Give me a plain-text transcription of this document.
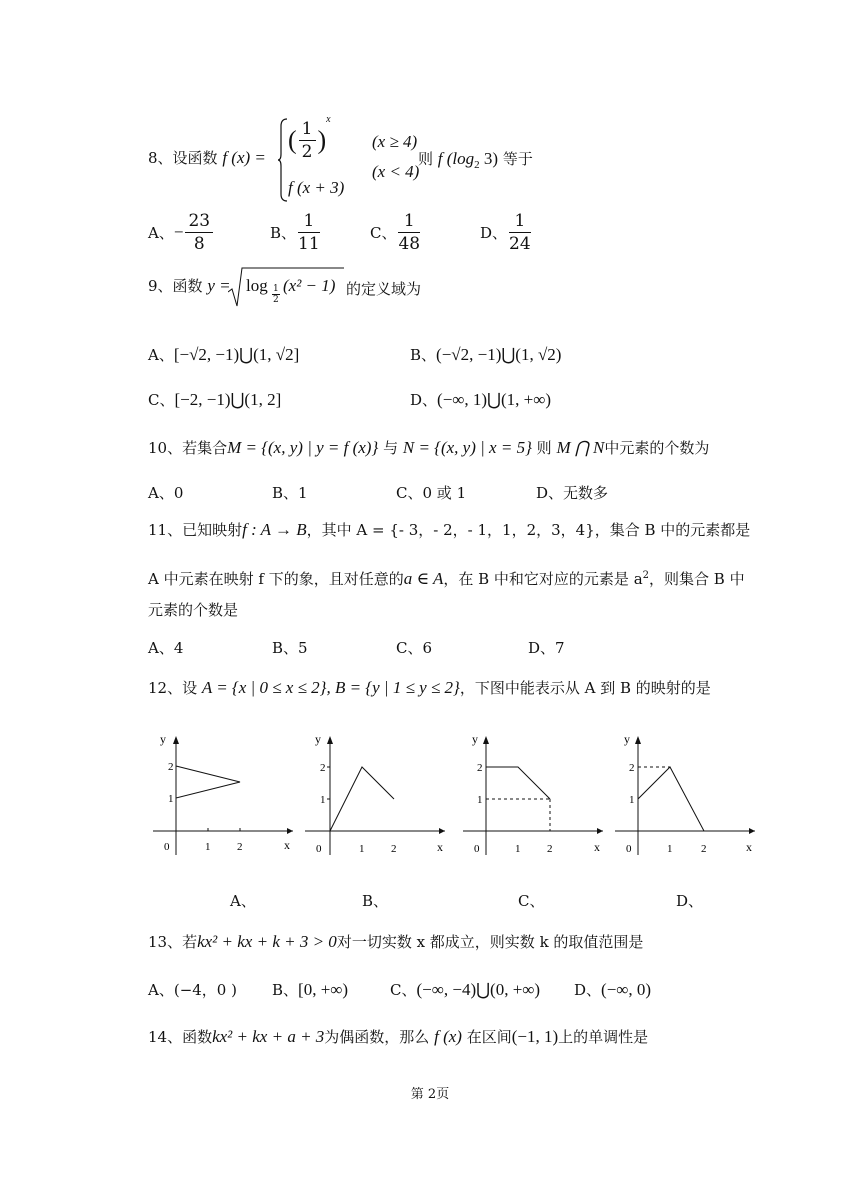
8、设函数 f (x) =
( $\frac{1}{2} )^x$
(x ≥ 4)
(x < 4)
f (x + 3)
则 f ($\log_2$ 3) 等于
A、− $\frac{23}{8}$	B、 $\frac{1}{11}$	C、 $\frac{1}{48}$	D、 $\frac{1}{24}$
9、函数 $y = \log \frac{1}{2} (x^2 - 1)$ 的定义域为
A、[−√2, −1)⋃(1, √2]	B、(−√2, −1)⋃(1, √2)
C、[−2, −1)⋃(1, 2]	D、(−∞, 1)⋃(1, +∞)
10、若集合M = {(x, y) | y = f (x)} 与 N = {(x, y) | x = 5} 则 M ⋂ N中元素的个数为
A、0	B、1	C、0 或 1	D、无数多
11、已知映射f : A → B，其中 A = {- 3，- 2，- 1，1，2，3，4}，集合 B 中的元素都是
A 中元素在映射 f 下的象，且对任意的a ∈ A，在 B 中和它对应的元素是 $a^2$，则集合 B 中
元素的个数是
A、4	B、5	C、6	D、7
12、设 A = {x | 0 ≤ x ≤ 2}, B = {y | 1 ≤ y ≤ 2}，下图中能表示从 A 到 B 的映射的是
y
2
1
0	1 2	x
y
2
1
0	1 2	x
y
2
1
0	1 2	x
y
2
1
0	1	2	x
A、	B、	C、	D、
13、若kx² + kx + k + 3 > 0对一切实数 x 都成立，则实数 k 的取值范围是
A、(−4，0 ) B、[0, +∞)	C、(−∞, −4)⋃(0, +∞) D、(−∞, 0)
14、函数kx² + kx + a + 3为偶函数，那么 f (x) 在区间(−1, 1)上的单调性是
第 2页
